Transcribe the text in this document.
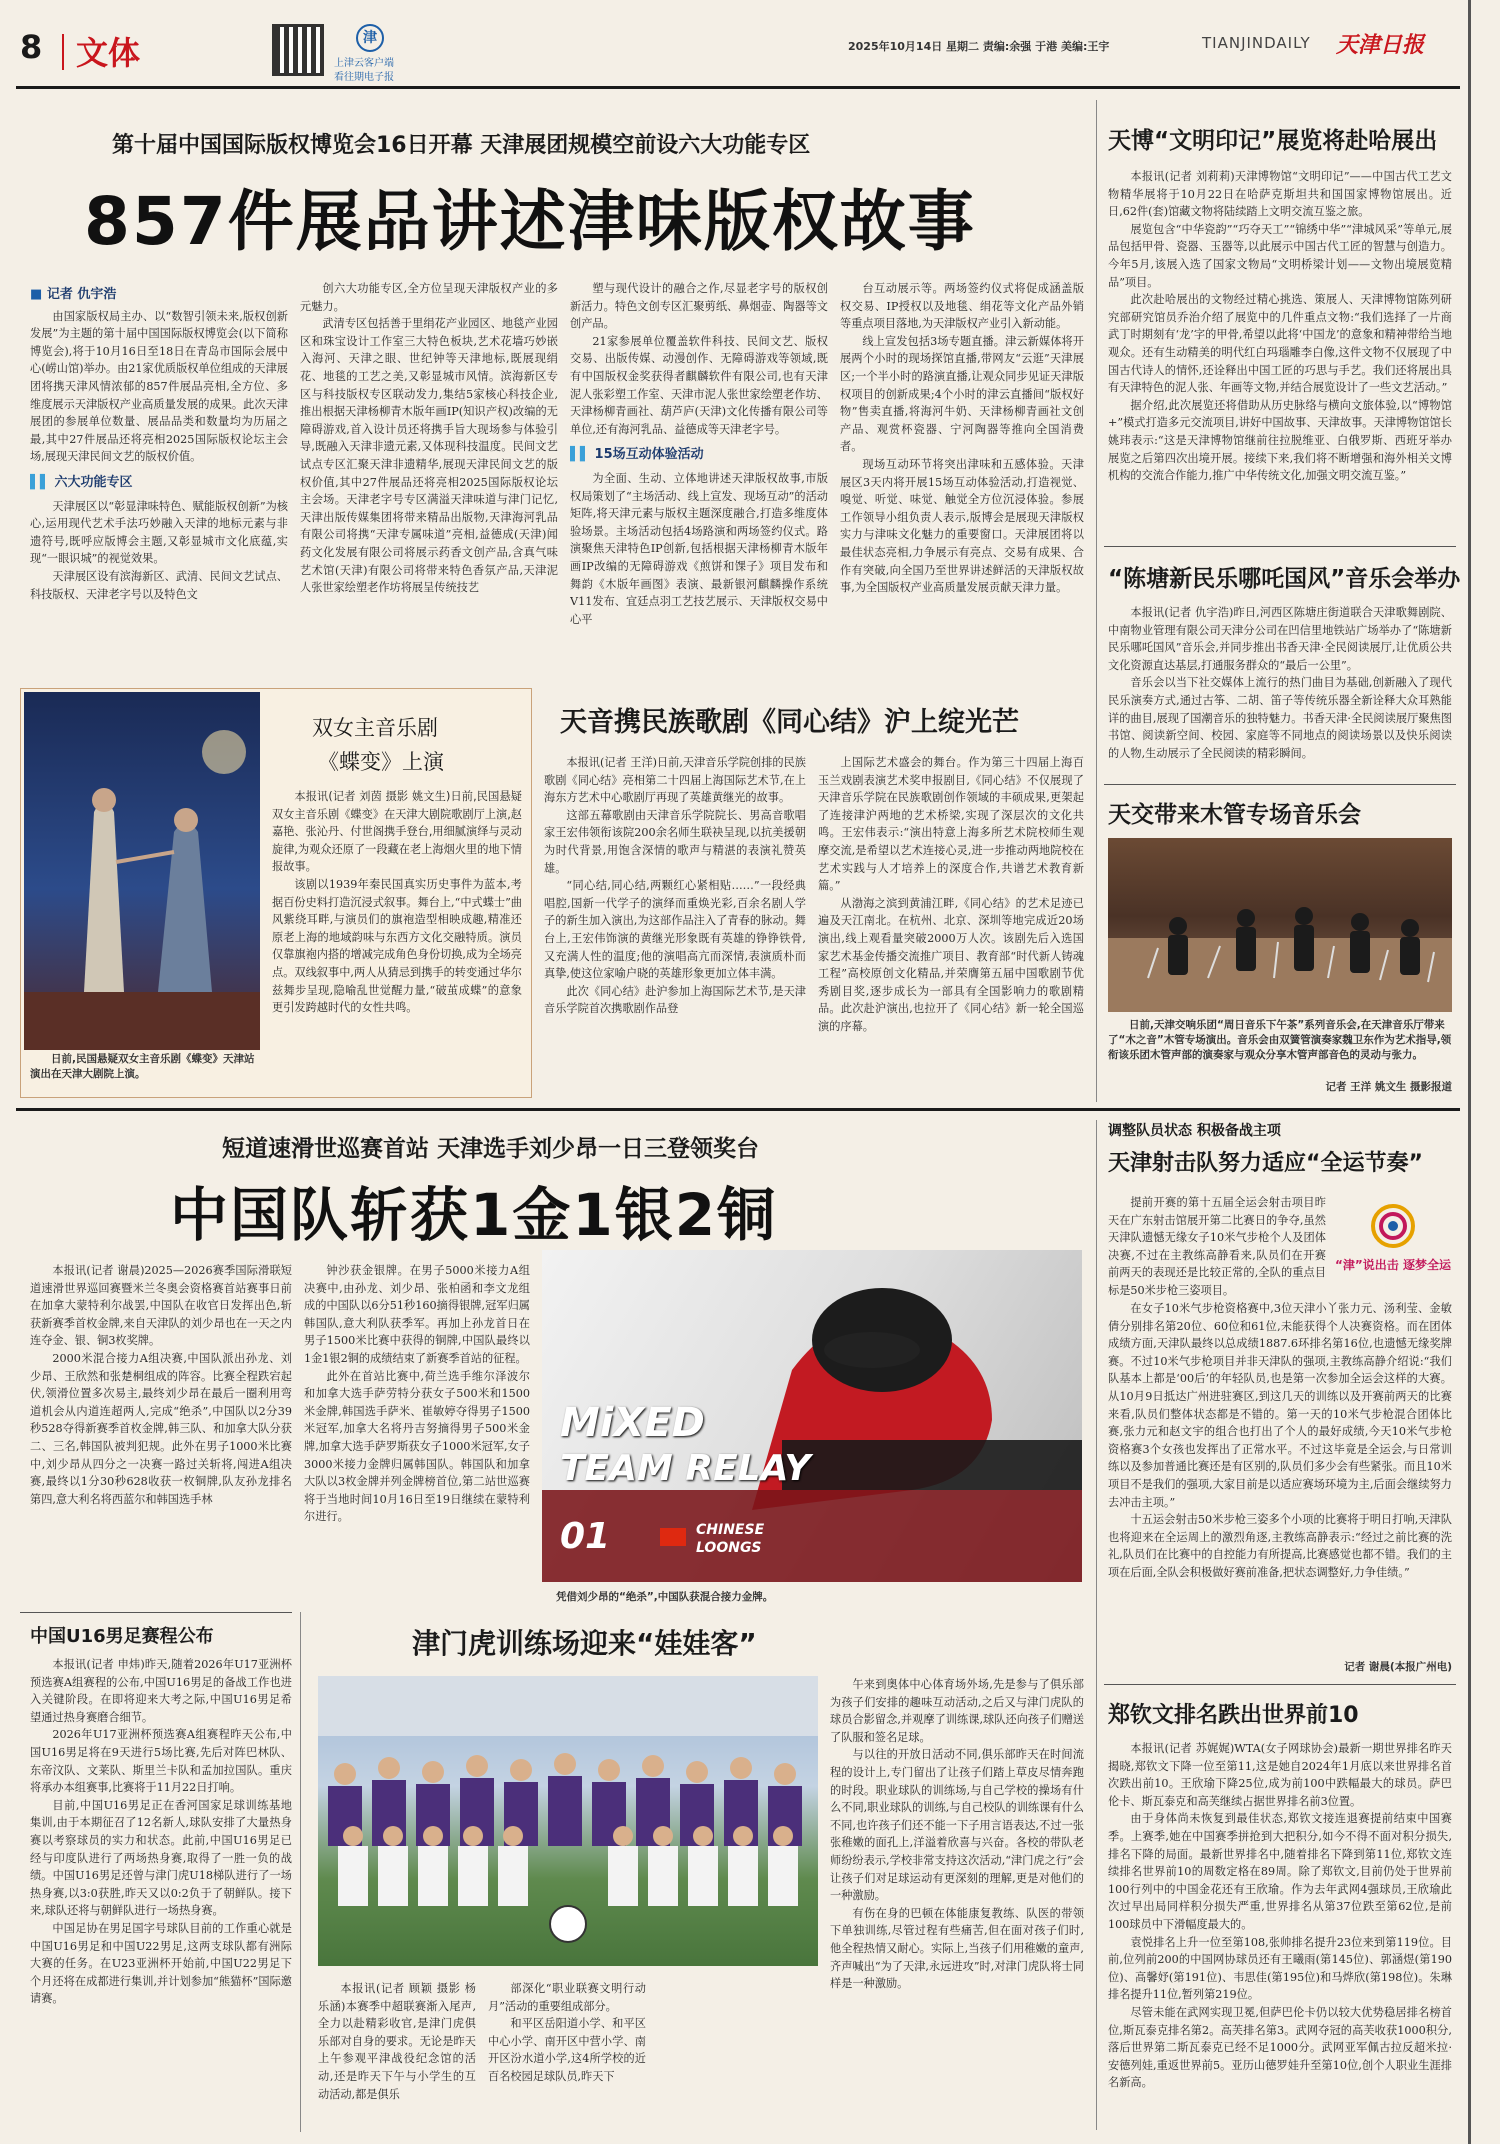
8 文体	津
上津云客户端
看往期电子报
2025年10月14日 星期二 责编:余强 于港 美编:王宇	TIANJINDAILY 天津日报
第十届中国国际版权博览会16日开幕 天津展团规模空前设六大功能专区
857件展品讲述津味版权故事
■ 记者 仇宇浩

由国家版权局主办、以“数智引领未来,版权创新发展”为主题的第十届中国国际版权博览会(以下简称博览会),将于10月16日至18日在青岛市国际会展中心(崂山馆)举办。由21家优质版权单位组成的天津展团将携天津风情浓郁的857件展品亮相,全方位、多维度展示天津版权产业高质量发展的成果。此次天津展团的参展单位数量、展品品类和数量均为历届之最,其中27件展品还将亮相2025国际版权论坛主会场,展现天津民间文艺的版权价值。

▌▌ 六大功能专区

天津展区以“彰显津味特色、赋能版权创新”为核心,运用现代艺术手法巧妙融入天津的地标元素与非遗符号,既呼应版博会主题,又彰显城市文化底蕴,实现“一眼识城”的视觉效果。

天津展区设有滨海新区、武清、民间文艺试点、科技版权、天津老字号以及特色文

创六大功能专区,全方位呈现天津版权产业的多元魅力。

武清专区包括善于里绢花产业园区、地毯产业园区和珠宝设计工作室三大特色板块,艺术花墙巧妙嵌入海河、天津之眼、世纪钟等天津地标,既展现绢花、地毯的工艺之美,又彰显城市风情。滨海新区专区与科技版权专区联动发力,集结5家核心科技企业,推出根据天津杨柳青木版年画IP(知识产权)改编的无障碍游戏,首入设计员还将携手旨大现场参与体验引导,既融入天津非遗元素,又体现科技温度。民间文艺试点专区汇聚天津非遗精华,展现天津民间文艺的版权价值,其中27件展品还将亮相2025国际版权论坛主会场。天津老字号专区满溢天津味道与津门记忆,天津出版传媒集团将带来精品出版物,天津海河乳品有限公司将携“天津专属味道”亮相,益德成(天津)闻药文化发展有限公司将展示药香文创产品,含真气味艺术馆(天津)有限公司将带来特色香氛产品,天津泥人张世家绘塑老作坊将展呈传统技艺

塑与现代设计的融合之作,尽显老字号的版权创新活力。特色文创专区汇聚剪纸、鼻烟壶、陶器等文创产品。

21家参展单位覆盖软件科技、民间文艺、版权交易、出版传媒、动漫创作、无障碍游戏等领域,既有中国版权金奖获得者麒麟软件有限公司,也有天津泥人张彩塑工作室、天津市泥人张世家绘塑老作坊、天津杨柳青画社、葫芦庐(天津)文化传播有限公司等单位,还有海河乳品、益德成等天津老字号。

▌▌ 15场互动体验活动

为全面、生动、立体地讲述天津版权故事,市版权局策划了“主场活动、线上宣发、现场互动”的活动矩阵,将天津元素与版权主题深度融合,打造多维度体验场景。主场活动包括4场路演和两场签约仪式。路演聚焦天津特色IP创新,包括根据天津杨柳青木版年画IP改编的无障碍游戏《煎饼和馃子》项目发布和舞韵《木版年画图》表演、最新银河麒麟操作系统V11发布、宜廷点羽工艺技艺展示、天津版权交易中心平

台互动展示等。两场签约仪式将促成涵盖版权交易、IP授权以及地毯、绢花等文化产品外销等重点项目落地,为天津版权产业引入新动能。

线上宣发包括3场专题直播。津云新媒体将开展两个小时的现场探馆直播,带网友“云逛”天津展区;一个半小时的路演直播,让观众同步见证天津版权项目的创新成果;4个小时的津云直播间“版权好物”售卖直播,将海河牛奶、天津杨柳青画社文创产品、观赏杯瓷器、宁河陶器等推向全国消费者。

现场互动环节将突出津味和五感体验。天津展区3天内将开展15场互动体验活动,打造视觉、嗅觉、听觉、味觉、触觉全方位沉浸体验。参展工作领导小组负责人表示,版博会是展现天津版权实力与津味文化魅力的重要窗口。天津展团将以最佳状态亮相,力争展示有亮点、交易有成果、合作有突破,向全国乃至世界讲述鲜活的天津版权故事,为全国版权产业高质量发展贡献天津力量。

天博“文明印记”展览将赴哈展出

本报讯(记者 刘莉莉)天津博物馆“文明印记”——中国古代工艺文物精华展将于10月22日在哈萨克斯坦共和国国家博物馆展出。近日,62件(套)馆藏文物将陆续踏上文明交流互鉴之旅。

展览包含“中华瓷韵”“巧夺天工”“锦绣中华”“津城风采”等单元,展品包括甲骨、瓷器、玉器等,以此展示中国古代工匠的智慧与创造力。今年5月,该展入选了国家文物局“文明桥梁计划——文物出境展览精品”项目。

此次赴哈展出的文物经过精心挑选、策展人、天津博物馆陈列研究部研究馆员乔治介绍了展览中的几件重点文物:“我们选择了一片商武丁时期刻有‘龙’字的甲骨,希望以此将‘中国龙’的意象和精神带给当地观众。还有生动精美的明代红白玛瑙雕李白像,这件文物不仅展现了中国古代诗人的情怀,还诠释出中国工匠的巧思与手艺。我们还将展出具有天津特色的泥人张、年画等文物,并结合展览设计了一些文艺活动。”

据介绍,此次展览还将借助从历史脉络与横向文旅体验,以“博物馆+”模式打造多元交流项目,讲好中国故事、天津故事。天津博物馆馆长姚玮表示:“这是天津博物馆继前往拉脱维亚、白俄罗斯、西班牙举办展览之后第四次出境开展。接续下来,我们将不断增强和海外相关文博机构的交流合作能力,推广中华传统文化,加强文明交流互鉴。”

“陈塘新民乐哪吒国风”音乐会举办

本报讯(记者 仇宇浩)昨日,河西区陈塘庄街道联合天津歌舞剧院、中南物业管理有限公司天津分公司在凹信里地铁站广场举办了“陈塘新民乐哪吒国风”音乐会,并同步推出书香天津·全民阅读展厅,让优质公共文化资源直达基层,打通服务群众的“最后一公里”。

音乐会以当下社交媒体上流行的热门曲目为基础,创新融入了现代民乐演奏方式,通过古筝、二胡、笛子等传统乐器全新诠释大众耳熟能详的曲目,展现了国潮音乐的独特魅力。书香天津·全民阅读展厅聚焦图书馆、阅读新空间、校园、家庭等不同地点的阅读场景以及快乐阅读的人物,生动展示了全民阅读的精彩瞬间。

天交带来木管专场音乐会
日前,天津交响乐团“周日音乐下午茶”系列音乐会,在天津音乐厅带来了“木之音”木管专场演出。音乐会由双簧管演奏家魏卫东作为艺术指导,领衔该乐团木管声部的演奏家与观众分享木管声部音色的灵动与张力。
记者 王洋 姚文生 摄影报道
日前,民国悬疑双女主音乐剧《蝶变》天津站演出在天津大剧院上演。
双女主音乐剧
《蝶变》上演

本报讯(记者 刘茵 摄影 姚文生)日前,民国悬疑双女主音乐剧《蝶变》在天津大剧院歌剧厅上演,赵嘉艳、张沁丹、付世阁携手登台,用细腻演绎与灵动旋律,为观众还原了一段藏在老上海烟火里的地下情报故事。

该剧以1939年秦民国真实历史事件为蓝本,考据百份史料打造沉浸式叙事。舞台上,“中式蝶士”曲风紫绕耳畔,与演员们的旗袍造型相映成趣,精准还原老上海的地域韵味与东西方文化交融特质。演员仅靠旗袍内搭的增减完成角色身份切换,成为全场亮点。双线叙事中,两人从猜忌到携手的转变通过华尔兹舞步呈现,隐喻乱世觉醒力量,“破茧成蝶”的意象更引发跨越时代的女性共鸣。

天音携民族歌剧《同心结》沪上绽光芒

本报讯(记者 王洋)日前,天津音乐学院创排的民族歌剧《同心结》亮相第二十四届上海国际艺术节,在上海东方艺术中心歌剧厅再现了英雄黄继光的故事。

这部五幕歌剧由天津音乐学院院长、男高音歌唱家王宏伟领衔该院200余名师生联袂呈现,以抗美援朝为时代背景,用饱含深情的歌声与精湛的表演礼赞英雄。

“同心结,同心结,两颗红心紧相贴……”一段经典唱腔,国新一代学子的演绎而重焕光彩,百余名剧人学子的新生加入演出,为这部作品注入了青春的脉动。舞台上,王宏伟饰演的黄继光形象既有英雄的铮铮铁骨,又充满人性的温度;他的演唱高亢而深情,表演质朴而真挚,使这位家喻户晓的英雄形象更加立体丰满。

此次《同心结》赴沪参加上海国际艺术节,是天津音乐学院首次携歌剧作品登

上国际艺术盛会的舞台。作为第三十四届上海百玉兰戏剧表演艺术奖申报剧目,《同心结》不仅展现了天津音乐学院在民族歌剧创作领域的丰硕成果,更架起了连接津沪两地的艺术桥梁,实现了深层次的文化共鸣。王宏伟表示:“演出特意上海多所艺术院校师生观摩交流,是希望以艺术连接心灵,进一步推动两地院校在艺术实践与人才培养上的深度合作,共谱艺术教育新篇。”

从渤海之滨到黄浦江畔,《同心结》的艺术足迹已遍及天江南北。在杭州、北京、深圳等地完成近20场演出,线上观看量突破2000万人次。该剧先后入选国家艺术基金传播交流推广项目、教育部“时代新人铸魂工程”高校原创文化精品,并荣膺第五届中国歌剧节优秀剧目奖,逐步成长为一部具有全国影响力的歌剧精品。此次赴沪演出,也拉开了《同心结》新一轮全国巡演的序幕。

短道速滑世巡赛首站 天津选手刘少昂一日三登领奖台
中国队斩获1金1银2铜

本报讯(记者 谢晨)2025—2026赛季国际滑联短道速滑世界巡回赛暨米兰冬奥会资格赛首站赛事日前在加拿大蒙特利尔战罢,中国队在收官日发挥出色,斩获新赛季首枚金牌,来自天津队的刘少昂也在一天之内连夺金、银、铜3枚奖牌。

2000米混合接力A组决赛,中国队派出孙龙、刘少昂、王欣然和张楚桐组成的阵容。比赛全程跌宕起伏,领滑位置多次易主,最终刘少昂在最后一圈利用弯道机会从内道连超两人,完成“绝杀”,中国队以2分39秒528夺得新赛季首枚金牌,韩三队、和加拿大队分获二、三名,韩国队被判犯规。此外在男子1000米比赛中,刘少昂从四分之一决赛一路过关斩将,闯进A组决赛,最终以1分30秒628收获一枚铜牌,队友孙龙排名第四,意大利名将西蓝尔和韩国选手林

钟沙获金银牌。在男子5000米接力A组决赛中,由孙龙、刘少昂、张柏函和李文龙组成的中国队以6分51秒160摘得银牌,冠军归属韩国队,意大利队获季军。再加上孙龙首日在男子1500米比赛中获得的铜牌,中国队最终以1金1银2铜的成绩结束了新赛季首站的征程。

此外在首站比赛中,荷兰选手维尔泽波尔和加拿大选手萨劳特分获女子500米和1500米金牌,韩国选手萨米、崔敏婷夺得男子1500米冠军,加拿大名将丹吉努摘得男子500米金牌,加拿大选手萨罗斯获女子1000米冠军,女子3000米接力金牌归属韩国队。韩国队和加拿大队以3枚金牌并列金牌榜首位,第二站世巡赛将于当地时间10月16日至19日继续在蒙特利尔进行。

MiXED
TEAM RELAY
01	CHINESE
LOONGS
凭借刘少昂的“绝杀”,中国队获混合接力金牌。
调整队员状态 积极备战主项
天津射击队努力适应“全运节奏”
“津”说出击 逐梦全运

提前开赛的第十五届全运会射击项目昨天在广东射击馆展开第二比赛日的争夺,虽然天津队遗憾无缘女子10米气步枪个人及团体决赛,不过在主教练高静看来,队员们在开赛前两天的表现还是比较正常的,全队的重点目标是50米步枪三姿项目。

在女子10米气步枪资格赛中,3位天津小丫张力元、汤利莹、金敏倩分别排名第20位、60位和61位,未能获得个人决赛资格。而在团体成绩方面,天津队最终以总成绩1887.6环排名第16位,也遗憾无缘奖牌赛。不过10米气步枪项目并非天津队的强项,主教练高静介绍说:“我们队基本上都是‘00后’的年轻队员,也是第一次参加全运会这样的大赛。从10月9日抵达广州进驻赛区,到这几天的训练以及开赛前两天的比赛来看,队员们整体状态都是不错的。第一天的10米气步枪混合团体比赛,张力元和赵文宇的组合也打出了个人的最好成绩,今天10米气步枪资格赛3个女孩也发挥出了正常水平。不过这毕竟是全运会,与日常训练以及参加普通比赛还是有区别的,队员们多少会有些紧张。而且10米项目不是我们的强项,大家目前是以适应赛场环境为主,后面会继续努力去冲击主项。”

十五运会射击50米步枪三姿多个小项的比赛将于明日打响,天津队也将迎来在全运周上的激烈角逐,主教练高静表示:“经过之前比赛的洗礼,队员们在比赛中的自控能力有所提高,比赛感觉也都不错。我们的主项在后面,全队会积极做好赛前准备,把状态调整好,力争佳绩。”

记者 谢晨(本报广州电)
郑钦文排名跌出世界前10

本报讯(记者 苏娓娓)WTA(女子网球协会)最新一期世界排名昨天揭晓,郑钦文下降一位至第11,这是她自2024年1月底以来世界排名首次跌出前10。王欣瑜下降25位,成为前100中跌幅最大的球员。萨巴伦卡、斯瓦泰克和高芙继续占据世界排名前3位置。

由于身体尚未恢复到最佳状态,郑钦文接连退赛提前结束中国赛季。上赛季,她在中国赛季拼抢到大把积分,如今不得不面对积分损失,排名下降的局面。最新世界排名中,随着排名下降到第11位,郑钦文连续排名世界前10的周数定格在89周。除了郑钦文,目前仍处于世界前100行列中的中国金花还有王欣瑜。作为去年武网4强球员,王欣瑜此次过早出局同样积分损失严重,世界排名从第37位跌至第62位,是前100球员中下滑幅度最大的。

袁悦排名上升一位至第108,张帅排名提升23位来到第119位。目前,位列前200的中国网协球员还有王曦雨(第145位)、郭涵煜(第190位)、高馨妤(第191位)、韦思佳(第195位)和马烨欣(第198位)。朱琳排名提升11位,暂列第219位。

尽管未能在武网实现卫冕,但萨巴伦卡仍以较大优势稳居排名榜首位,斯瓦泰克排名第2。高芙排名第3。武网夺冠的高芙收获1000积分,落后世界第二斯瓦泰克已经不足1000分。武网亚军佩古拉反超米拉·安德列娃,重返世界前5。亚历山德罗娃升至第10位,创个人职业生涯排名新高。

中国U16男足赛程公布

本报讯(记者 申炜)昨天,随着2026年U17亚洲杯预选赛A组赛程的公布,中国U16男足的备战工作也进入关键阶段。在即将迎来大考之际,中国U16男足希望通过热身赛磨合细节。

2026年U17亚洲杯预选赛A组赛程昨天公布,中国U16男足将在9天进行5场比赛,先后对阵巴林队、东帝汶队、文莱队、斯里兰卡队和孟加拉国队。重庆将承办本组赛事,比赛将于11月22日打响。

目前,中国U16男足正在香河国家足球训练基地集训,由于本期征召了12名新人,球队安排了大量热身赛以考察球员的实力和状态。此前,中国U16男足已经与印度队进行了两场热身赛,取得了一胜一负的战绩。中国U16男足还曾与津门虎U18梯队进行了一场热身赛,以3:0获胜,昨天又以0:2负于了朝鲜队。接下来,球队还将与朝鲜队进行一场热身赛。

中国足协在男足国字号球队目前的工作重心就是中国U16男足和中国U22男足,这两支球队都有洲际大赛的任务。在U23亚洲杯开始前,中国U22男足下个月还将在成都进行集训,并计划参加“熊猫杯”国际邀请赛。

津门虎训练场迎来“娃娃客”

本报讯(记者 顾颖 摄影 杨乐涵)本赛季中超联赛渐入尾声,全力以赴精彩收官,是津门虎俱乐部对自身的要求。无论是昨天上午参观平津战役纪念馆的活动,还是昨天下午与小学生的互动活动,都是俱乐

部深化“职业联赛文明行动月”活动的重要组成部分。

和平区岳阳道小学、和平区中心小学、南开区中营小学、南开区汾水道小学,这4所学校的近百名校园足球队员,昨天下

午来到奥体中心体育场外场,先是参与了俱乐部为孩子们安排的趣味互动活动,之后又与津门虎队的球员合影留念,并观摩了训练课,球队还向孩子们赠送了队服和签名足球。

与以往的开放日活动不同,俱乐部昨天在时间流程的设计上,专门留出了让孩子们踏上草皮尽情奔跑的时段。职业球队的训练场,与自己学校的操场有什么不同,职业球队的训练,与自己校队的训练课有什么不同,也许孩子们还不能一下子用言语表达,不过一张张稚嫩的面孔上,洋溢着欣喜与兴奋。各校的带队老师纷纷表示,学校非常支持这次活动,“津门虎之行”会让孩子们对足球运动有更深刻的理解,更是对他们的一种激励。

有伤在身的巴顿在体能康复教练、队医的带领下单独训练,尽管过程有些痛苦,但在面对孩子们时,他全程热情又耐心。实际上,当孩子们用稚嫩的童声,齐声喊出“为了天津,永远进攻”时,对津门虎队将士同样是一种激励。
